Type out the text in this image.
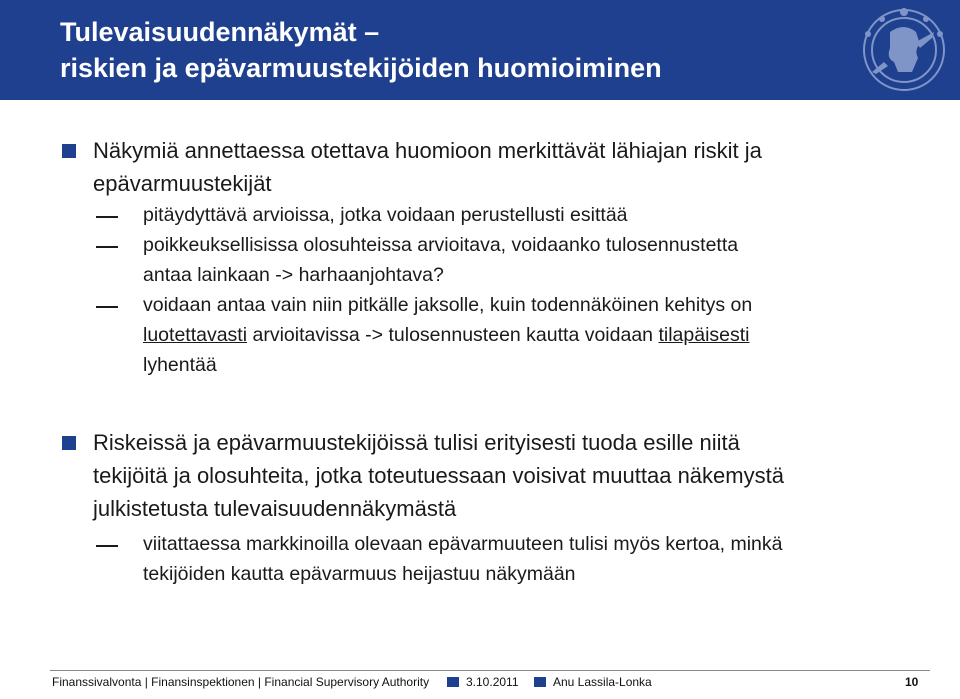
Tulevaisuudennäkymät –
riskien ja epävarmuustekijöiden huomioiminen
Näkymiä annettaessa otettava huomioon merkittävät lähiajan riskit ja
epävarmuustekijät
pitäydyttävä arvioissa, jotka voidaan perustellusti esittää
poikkeuksellisissa olosuhteissa arvioitava, voidaanko tulosennustetta
antaa lainkaan -> harhaanjohtava?
voidaan antaa vain niin pitkälle jaksolle, kuin todennäköinen kehitys on
luotettavasti arvioitavissa -> tulosennusteen kautta voidaan tilapäisesti
lyhentää
Riskeissä ja epävarmuustekijöissä tulisi erityisesti tuoda esille niitä
tekijöitä ja olosuhteita, jotka toteutuessaan voisivat muuttaa näkemystä
julkistetusta tulevaisuudennäkymästä
viitattaessa markkinoilla olevaan epävarmuuteen tulisi myös kertoa, minkä
tekijöiden kautta epävarmuus heijastuu näkymään
Finanssivalvonta | Finansinspektionen | Financial Supervisory Authority	3.10.2011	Anu Lassila-Lonka	10
